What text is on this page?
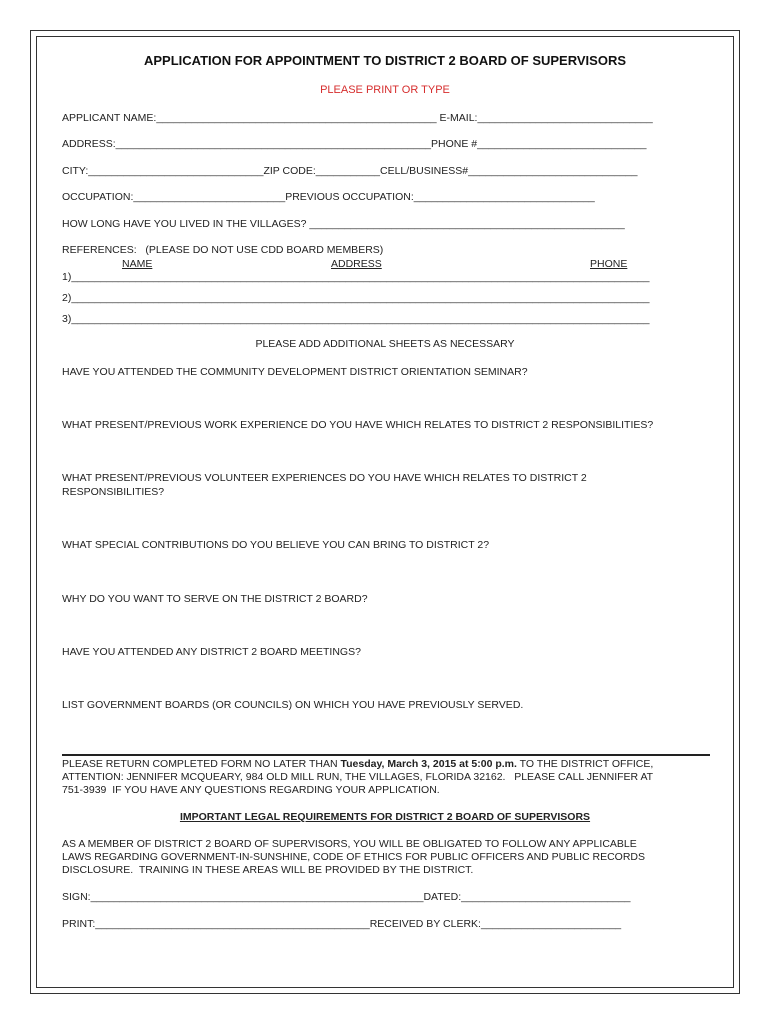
APPLICATION FOR APPOINTMENT TO DISTRICT 2 BOARD OF SUPERVISORS
PLEASE PRINT OR TYPE
APPLICANT NAME:________________________________________________ E-MAIL:______________________________
ADDRESS:______________________________________________________PHONE #_____________________________
CITY:______________________________ZIP CODE:___________CELL/BUSINESS#_____________________________
OCCUPATION:__________________________PREVIOUS OCCUPATION:_______________________________
HOW LONG HAVE YOU LIVED IN THE VILLAGES? ______________________________________________________
REFERENCES:   (PLEASE DO NOT USE CDD BOARD MEMBERS)
NAME	ADDRESS	PHONE
1)___________________________________________________________________________________________________
2)___________________________________________________________________________________________________
3)___________________________________________________________________________________________________
PLEASE ADD ADDITIONAL SHEETS AS NECESSARY
HAVE YOU ATTENDED THE COMMUNITY DEVELOPMENT DISTRICT ORIENTATION SEMINAR?
WHAT PRESENT/PREVIOUS WORK EXPERIENCE DO YOU HAVE WHICH RELATES TO DISTRICT 2 RESPONSIBILITIES?
WHAT PRESENT/PREVIOUS VOLUNTEER EXPERIENCES DO YOU HAVE WHICH RELATES TO DISTRICT 2
RESPONSIBILITIES?
WHAT SPECIAL CONTRIBUTIONS DO YOU BELIEVE YOU CAN BRING TO DISTRICT 2?
WHY DO YOU WANT TO SERVE ON THE DISTRICT 2 BOARD?
HAVE YOU ATTENDED ANY DISTRICT 2 BOARD MEETINGS?
LIST GOVERNMENT BOARDS (OR COUNCILS) ON WHICH YOU HAVE PREVIOUSLY SERVED.
PLEASE RETURN COMPLETED FORM NO LATER THAN Tuesday, March 3, 2015 at 5:00 p.m. TO THE DISTRICT OFFICE,
ATTENTION: JENNIFER MCQUEARY, 984 OLD MILL RUN, THE VILLAGES, FLORIDA 32162.   PLEASE CALL JENNIFER AT
751-3939  IF YOU HAVE ANY QUESTIONS REGARDING YOUR APPLICATION.
IMPORTANT LEGAL REQUIREMENTS FOR DISTRICT 2 BOARD OF SUPERVISORS
AS A MEMBER OF DISTRICT 2 BOARD OF SUPERVISORS, YOU WILL BE OBLIGATED TO FOLLOW ANY APPLICABLE
LAWS REGARDING GOVERNMENT-IN-SUNSHINE, CODE OF ETHICS FOR PUBLIC OFFICERS AND PUBLIC RECORDS
DISCLOSURE.  TRAINING IN THESE AREAS WILL BE PROVIDED BY THE DISTRICT.
SIGN:_________________________________________________________DATED:_____________________________
PRINT:_______________________________________________RECEIVED BY CLERK:________________________
